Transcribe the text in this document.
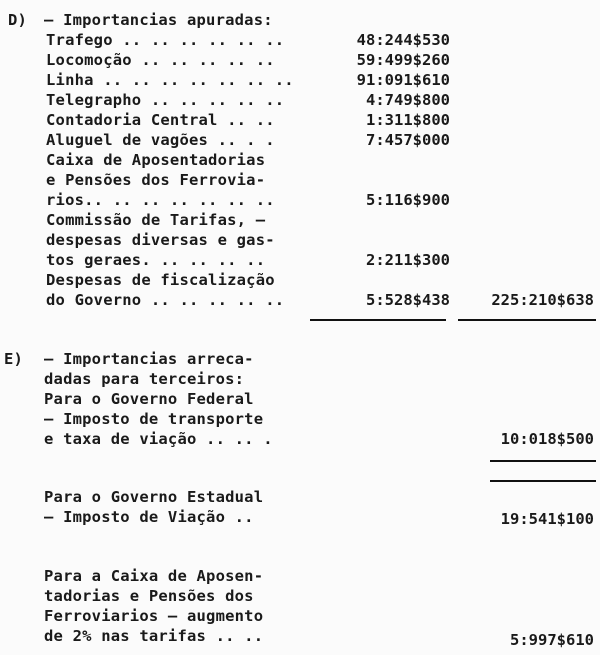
D) — Importancias apuradas:
Trafego .. .. .. .. .. ..	48:244$530
Locomoção .. .. .. .. ..	59:499$260
Linha .. .. .. .. .. .. ..	91:091$610
Telegrapho .. .. .. .. ..	4:749$800
Contadoria Central .. ..	1:311$800
Aluguel de vagões .. . .	7:457$000
Caixa de Aposentadorias
e Pensões dos Ferrovia-
rios.. .. .. .. .. .. ..	5:116$900
Commissão de Tarifas, —
despesas diversas e gas-
tos geraes. .. .. .. ..	2:211$300
Despesas de fiscalização
do Governo .. .. .. .. ..	5:528$438	225:210$638
E) — Importancias arreca-
dadas para terceiros:
Para o Governo Federal
— Imposto de transporte
e taxa de viação .. .. .	10:018$500
Para o Governo Estadual
— Imposto de Viação ..	19:541$100
Para a Caixa de Aposen-
tadorias e Pensões dos
Ferroviarios — augmento
de 2% nas tarifas .. ..	5:997$610
